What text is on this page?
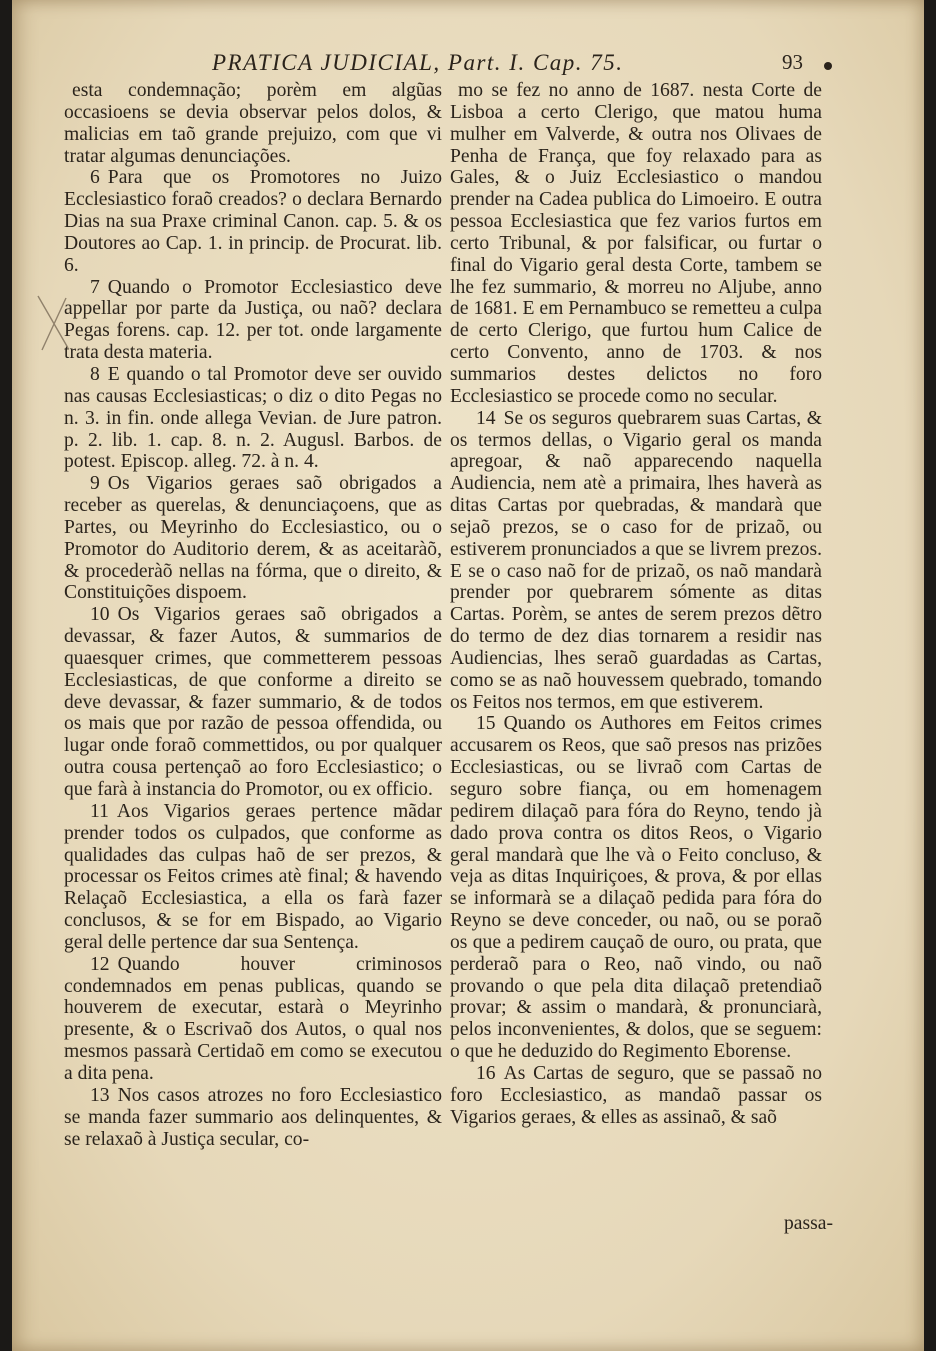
PRATICA JUDICIAL, Part. I. Cap. 75.	93

esta condemnação; porèm em algũas occasioens se devia observar pelos dolos, & malicias em taõ grande prejuizo, com que vi tratar algumas denunciações.

6 Para que os Promotores no Juizo Ecclesiastico foraõ creados? o declara Bernardo Dias na sua Praxe criminal Canon. cap. 5. & os Doutores ao Cap. 1. in princip. de Procurat. lib. 6.

7 Quando o Promotor Ecclesiastico deve appellar por parte da Justiça, ou naõ? declara Pegas forens. cap. 12. per tot. onde largamente trata desta materia.

8 E quando o tal Promotor deve ser ouvido nas causas Ecclesiasticas; o diz o dito Pegas no n. 3. in fin. onde allega Vevian. de Jure patron. p. 2. lib. 1. cap. 8. n. 2. Augusl. Barbos. de potest. Episcop. alleg. 72. à n. 4.

9 Os Vigarios geraes saõ obrigados a receber as querelas, & denunciaçoens, que as Partes, ou Meyrinho do Ecclesiastico, ou o Promotor do Auditorio derem, & as aceitaràõ, & procederàõ nellas na fórma, que o direito, & Constituições dispoem.

10 Os Vigarios geraes saõ obrigados a devassar, & fazer Autos, & summarios de quaesquer crimes, que commetterem pessoas Ecclesiasticas, de que conforme a direito se deve devassar, & fazer summario, & de todos os mais que por razão de pessoa offendida, ou lugar onde foraõ commettidos, ou por qualquer outra cousa pertençaõ ao foro Ecclesiastico; o que farà à instancia do Promotor, ou ex officio.

11 Aos Vigarios geraes pertence mãdar prender todos os culpados, que conforme as qualidades das culpas haõ de ser prezos, & processar os Feitos crimes atè final; & havendo Relaçaõ Ecclesiastica, a ella os farà fazer conclusos, & se for em Bispado, ao Vigario geral delle pertence dar sua Sentença.

12 Quando houver criminosos condemnados em penas publicas, quando se houverem de executar, estarà o Meyrinho presente, & o Escrivaõ dos Autos, o qual nos mesmos passarà Certidaõ em como se executou a dita pena.

13 Nos casos atrozes no foro Ecclesiastico se manda fazer summario aos delinquentes, & se relaxaõ à Justiça secular, co-

mo se fez no anno de 1687. nesta Corte de Lisboa a certo Clerigo, que matou huma mulher em Valverde, & outra nos Olivaes de Penha de França, que foy relaxado para as Gales, & o Juiz Ecclesiastico o mandou prender na Cadea publica do Limoeiro. E outra pessoa Ecclesiastica que fez varios furtos em certo Tribunal, & por falsificar, ou furtar o final do Vigario geral desta Corte, tambem se lhe fez summario, & morreu no Aljube, anno de 1681. E em Pernambuco se remetteu a culpa de certo Clerigo, que furtou hum Calice de certo Convento, anno de 1703. & nos summarios destes delictos no foro Ecclesiastico se procede como no secular.

14 Se os seguros quebrarem suas Cartas, & os termos dellas, o Vigario geral os manda apregoar, & naõ apparecendo naquella Audiencia, nem atè a primaira, lhes haverà as ditas Cartas por quebradas, & mandarà que sejaõ prezos, se o caso for de prizaõ, ou estiverem pronunciados a que se livrem prezos. E se o caso naõ for de prizaõ, os naõ mandarà prender por quebrarem sómente as ditas Cartas. Porèm, se antes de serem prezos dẽtro do termo de dez dias tornarem a residir nas Audiencias, lhes seraõ guardadas as Cartas, como se as naõ houvessem quebrado, tomando os Feitos nos termos, em que estiverem.

15 Quando os Authores em Feitos crimes accusarem os Reos, que saõ presos nas prizões Ecclesiasticas, ou se livraõ com Cartas de seguro sobre fiança, ou em homenagem pedirem dilaçaõ para fóra do Reyno, tendo jà dado prova contra os ditos Reos, o Vigario geral mandarà que lhe và o Feito concluso, & veja as ditas Inquiriçoes, & prova, & por ellas se informarà se a dilaçaõ pedida para fóra do Reyno se deve conceder, ou naõ, ou se poraõ os que a pedirem cauçaõ de ouro, ou prata, que perderaõ para o Reo, naõ vindo, ou naõ provando o que pela dita dilaçaõ pretendiaõ provar; & assim o mandarà, & pronunciarà, pelos inconvenientes, & dolos, que se seguem: o que he deduzido do Regimento Eborense.

16 As Cartas de seguro, que se passaõ no foro Ecclesiastico, as mandaõ passar os Vigarios geraes, & elles as assinaõ, & saõ

passa-
